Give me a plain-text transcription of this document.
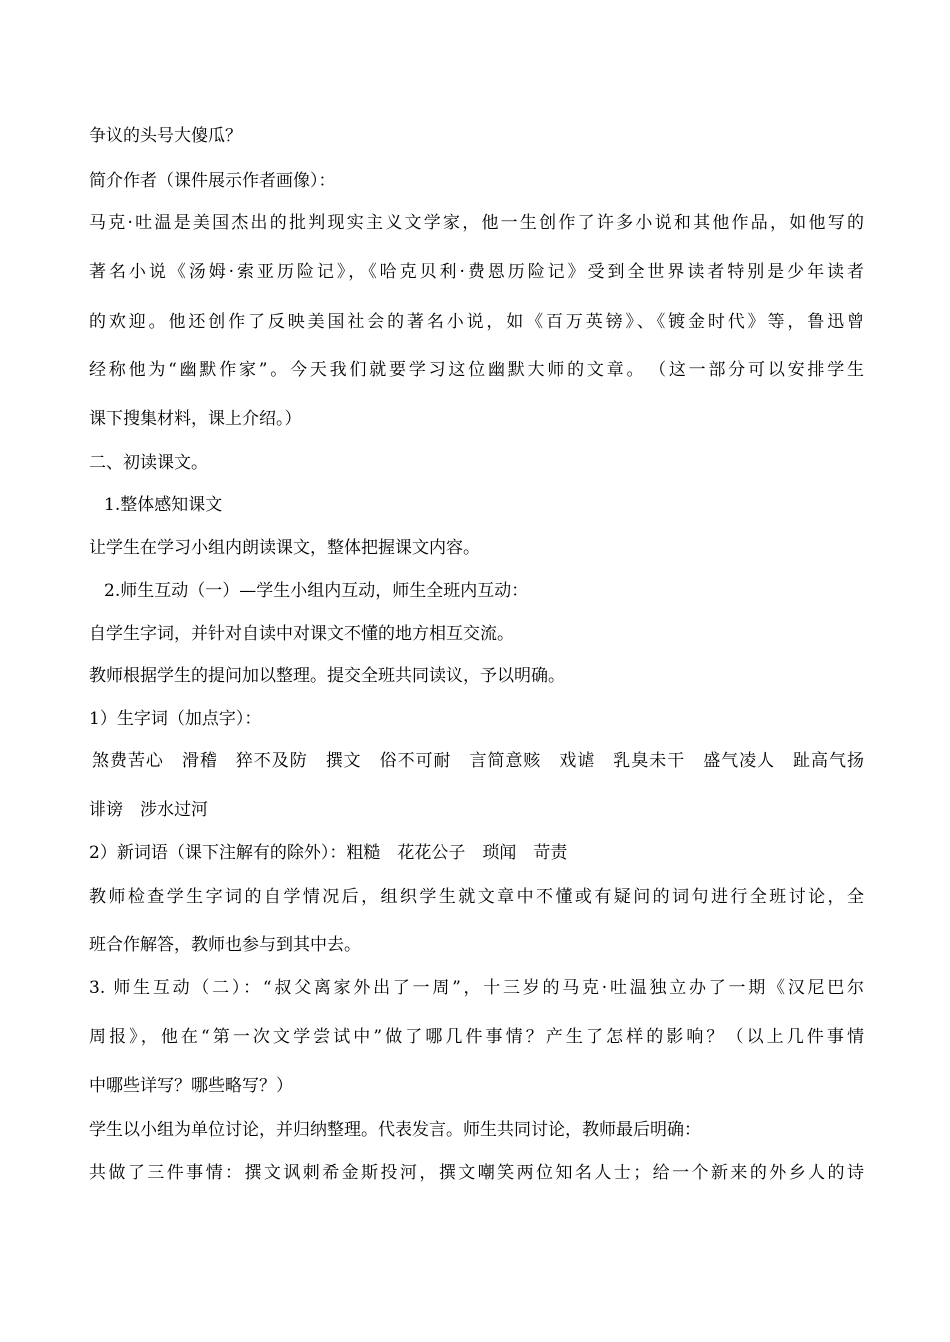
争议的头号大傻瓜？
简介作者（课件展示作者画像）：
马克·吐温是美国杰出的批判现实主义文学家，他一生创作了许多小说和其他作品，如他写的
著名小说《汤姆·索亚历险记》，《哈克贝利·费恩历险记》受到全世界读者特别是少年读者
的欢迎。他还创作了反映美国社会的著名小说，如《百万英镑》、《镀金时代》等，鲁迅曾
经称他为“幽默作家”。今天我们就要学习这位幽默大师的文章。　（这一部分可以安排学生
课下搜集材料，课上介绍。）
二、初读课文。
1.整体感知课文
让学生在学习小组内朗读课文，整体把握课文内容。
2.师生互动（一）—学生小组内互动，师生全班内互动：
自学生字词，并针对自读中对课文不懂的地方相互交流。
教师根据学生的提问加以整理。提交全班共同读议，予以明确。
1）生字词（加点字）：
煞费苦心　滑稽　猝不及防　撰文　俗不可耐　言简意赅　戏谑　乳臭未干　盛气凌人　趾高气扬
诽谤　涉水过河
2）新词语（课下注解有的除外）：粗糙　花花公子　琐闻　苛责
教师检查学生字词的自学情况后，组织学生就文章中不懂或有疑问的词句进行全班讨论，全
班合作解答，教师也参与到其中去。
3. 师生互动（二）：“叔父离家外出了一周”，十三岁的马克·吐温独立办了一期《汉尼巴尔
周报》，他在“第一次文学尝试中”做了哪几件事情？产生了怎样的影响？（以上几件事情
中哪些详写？哪些略写？）
学生以小组为单位讨论，并归纳整理。代表发言。师生共同讨论，教师最后明确：
共做了三件事情：撰文讽刺希金斯投河，撰文嘲笑两位知名人士；给一个新来的外乡人的诗
